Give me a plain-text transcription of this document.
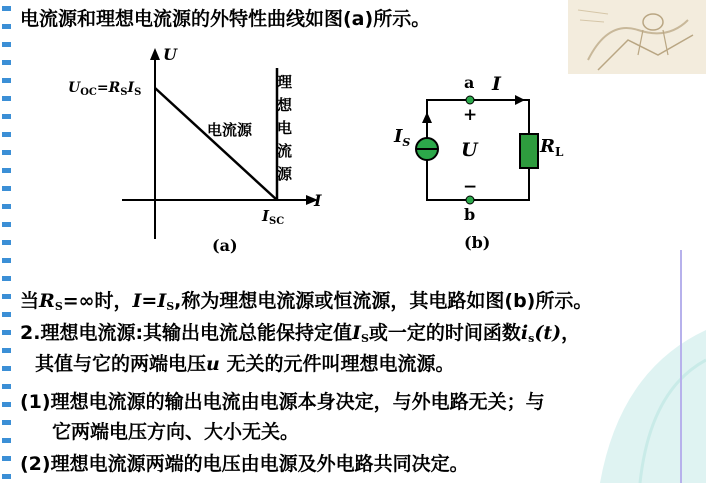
电流源和理想电流源的外特性曲线如图(a)所示。
U
I
$U_{OC}=R_SI_S$
电流源
理
想
电
流
源
$I_{SC}$
(a)
I
a
b
+
−
U
$I_S$	$R_L$
(b)
当$R_S=\infty$时，$I=I_S$,称为理想电流源或恒流源，其电路如图(b)所示。
2.理想电流源:其输出电流总能保持定值$I_S$或一定的时间函数$i_s(t)$，
其值与它的两端电压u 无关的元件叫理想电流源。
(1)理想电流源的输出电流由电源本身决定，与外电路无关；与
它两端电压方向、大小无关。
(2)理想电流源两端的电压由电源及外电路共同决定。
